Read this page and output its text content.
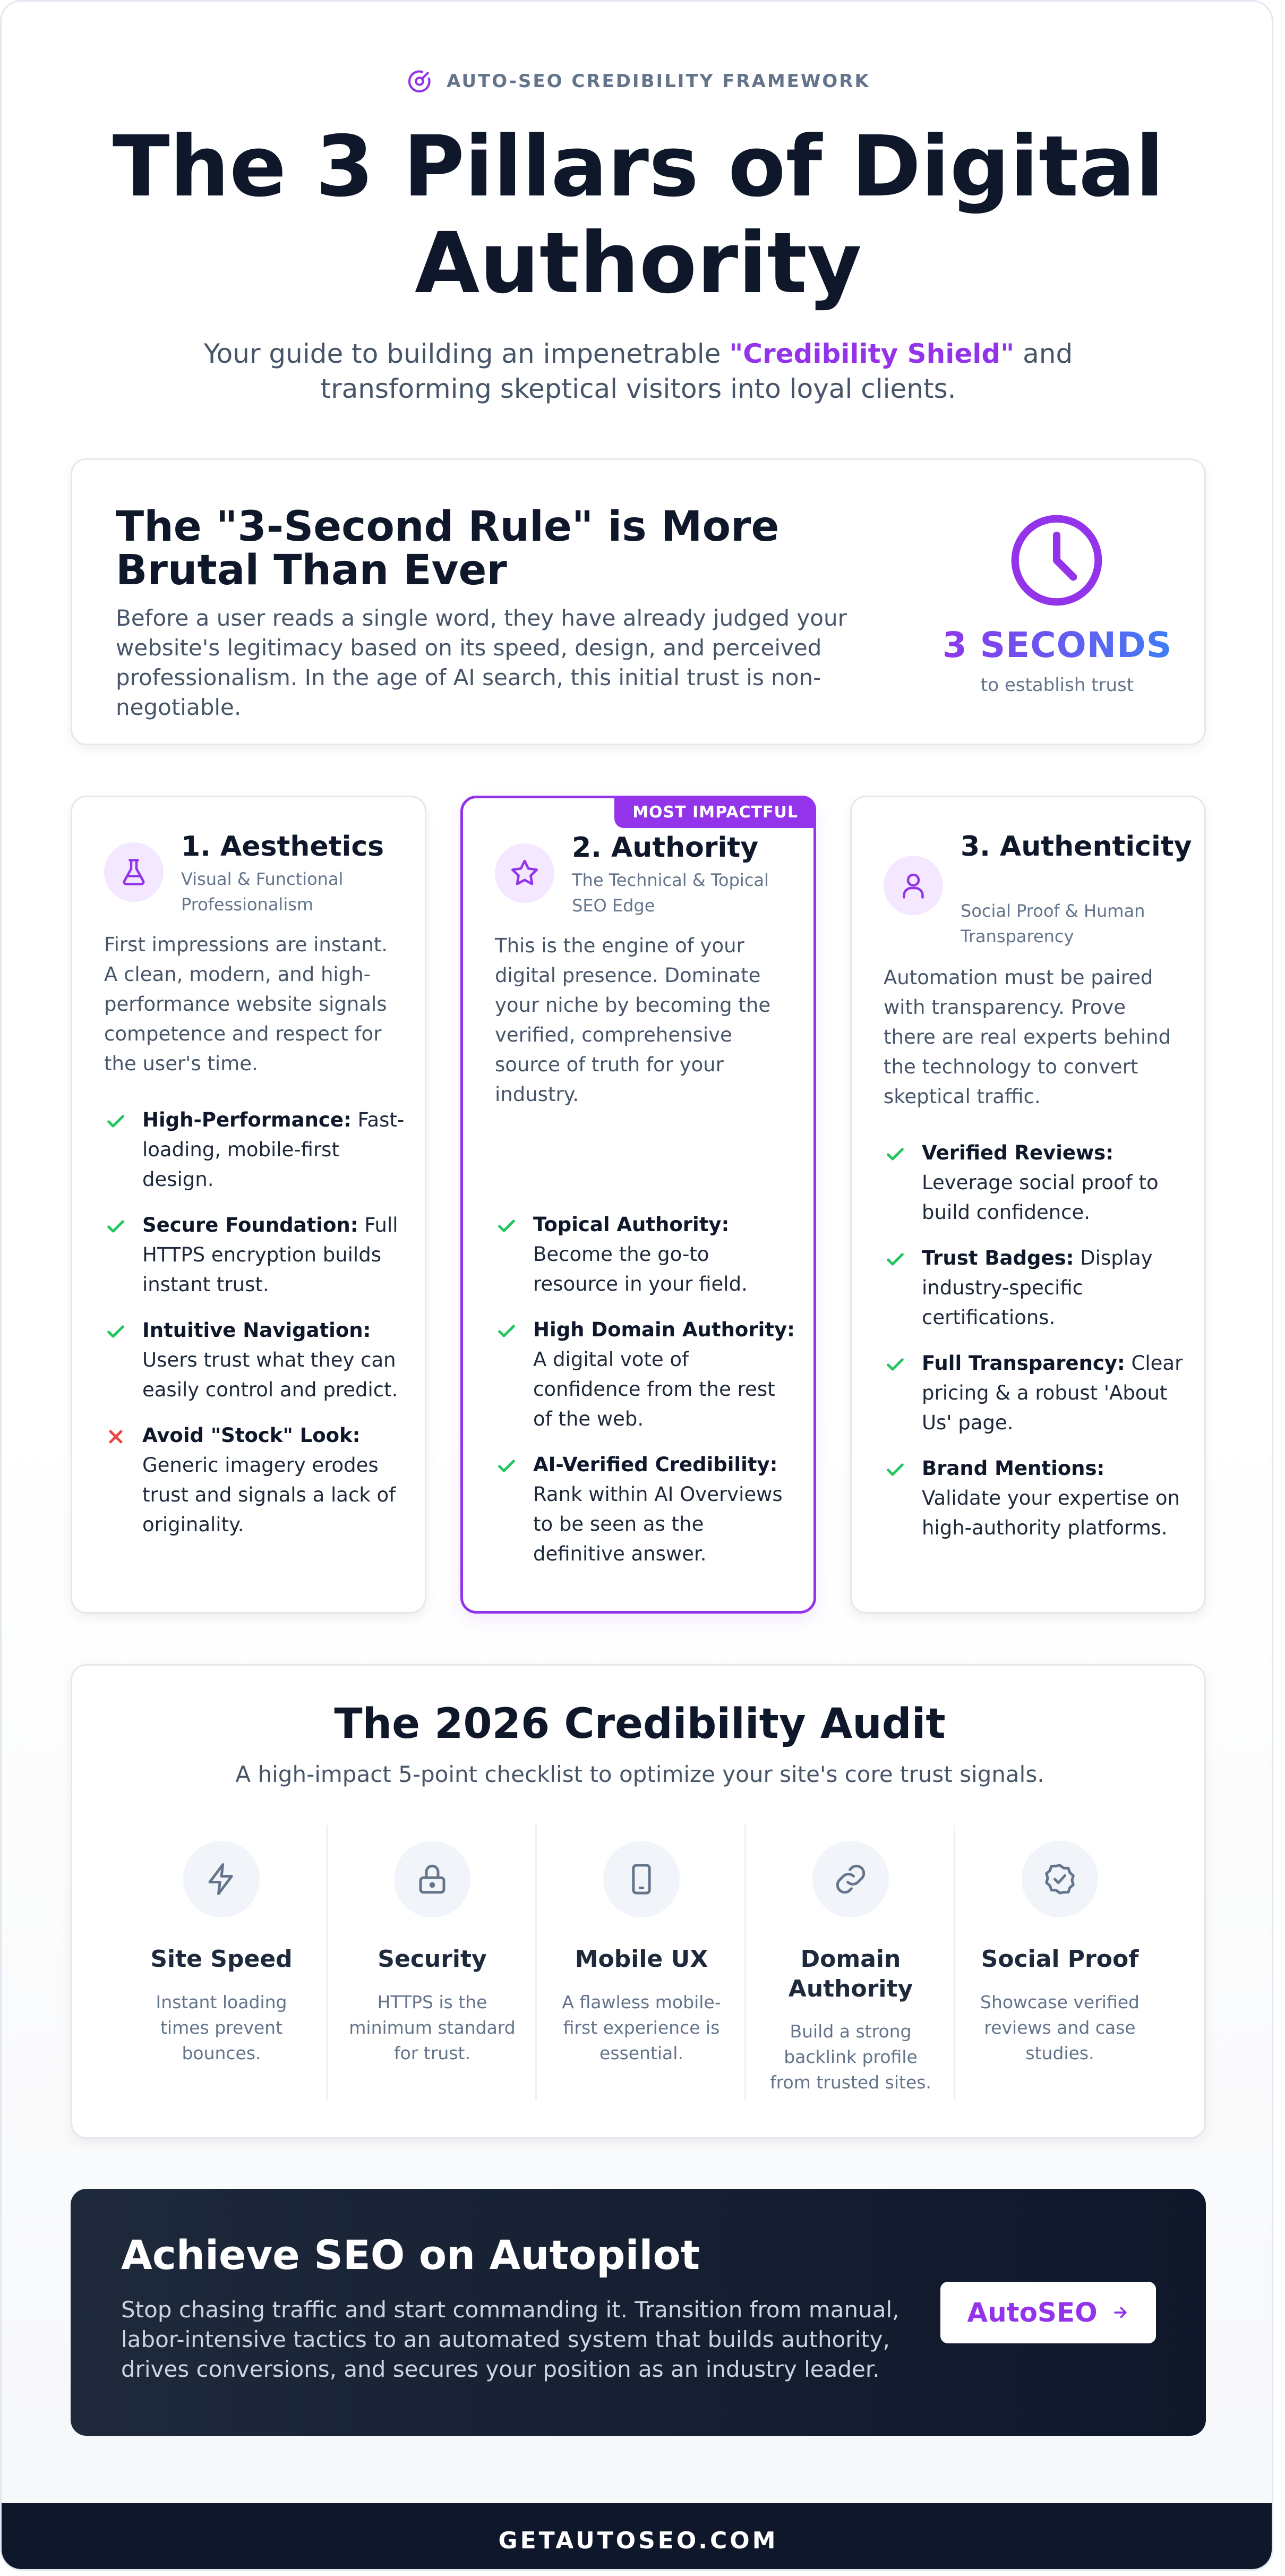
AUTO-SEO CREDIBILITY FRAMEWORK
The 3 Pillars of Digital
Authority
Your guide to building an impenetrable "Credibility Shield" and transforming skeptical visitors into loyal clients.
The "3-Second Rule" is More Brutal Than Ever
Before a user reads a single word, they have already judged your website's legitimacy based on its speed, design, and perceived professionalism. In the age of AI search, this initial trust is non-negotiable.
3 SECONDS
to establish trust
1. Aesthetics
Visual & Functional Professionalism
First impressions are instant. A clean, modern, and high-performance website signals competence and respect for the user's time.
High-Performance: Fast-loading, mobile-first design.
Secure Foundation: Full HTTPS encryption builds instant trust.
Intuitive Navigation: Users trust what they can easily control and predict.
Avoid "Stock" Look: Generic imagery erodes trust and signals a lack of originality.
MOST IMPACTFUL
2. Authority
The Technical & Topical SEO Edge
This is the engine of your digital presence. Dominate your niche by becoming the verified, comprehensive source of truth for your industry.
Topical Authority: Become the go-to resource in your field.
High Domain Authority: A digital vote of confidence from the rest of the web.
AI-Verified Credibility: Rank within AI Overviews to be seen as the definitive answer.
3. Authenticity
Social Proof & Human Transparency
Automation must be paired with transparency. Prove there are real experts behind the technology to convert skeptical traffic.
Verified Reviews: Leverage social proof to build confidence.
Trust Badges: Display industry-specific certifications.
Full Transparency: Clear pricing & a robust 'About Us' page.
Brand Mentions: Validate your expertise on high-authority platforms.
The 2026 Credibility Audit
A high-impact 5-point checklist to optimize your site's core trust signals.
Site Speed
Instant loading times prevent bounces.
Security
HTTPS is the minimum standard for trust.
Mobile UX
A flawless mobile-first experience is essential.
Domain Authority
Build a strong backlink profile from trusted sites.
Social Proof
Showcase verified reviews and case studies.
Achieve SEO on Autopilot
Stop chasing traffic and start commanding it. Transition from manual, labor-intensive tactics to an automated system that builds authority, drives conversions, and secures your position as an industry leader.
AutoSEO
GETAUTOSEO.COM
